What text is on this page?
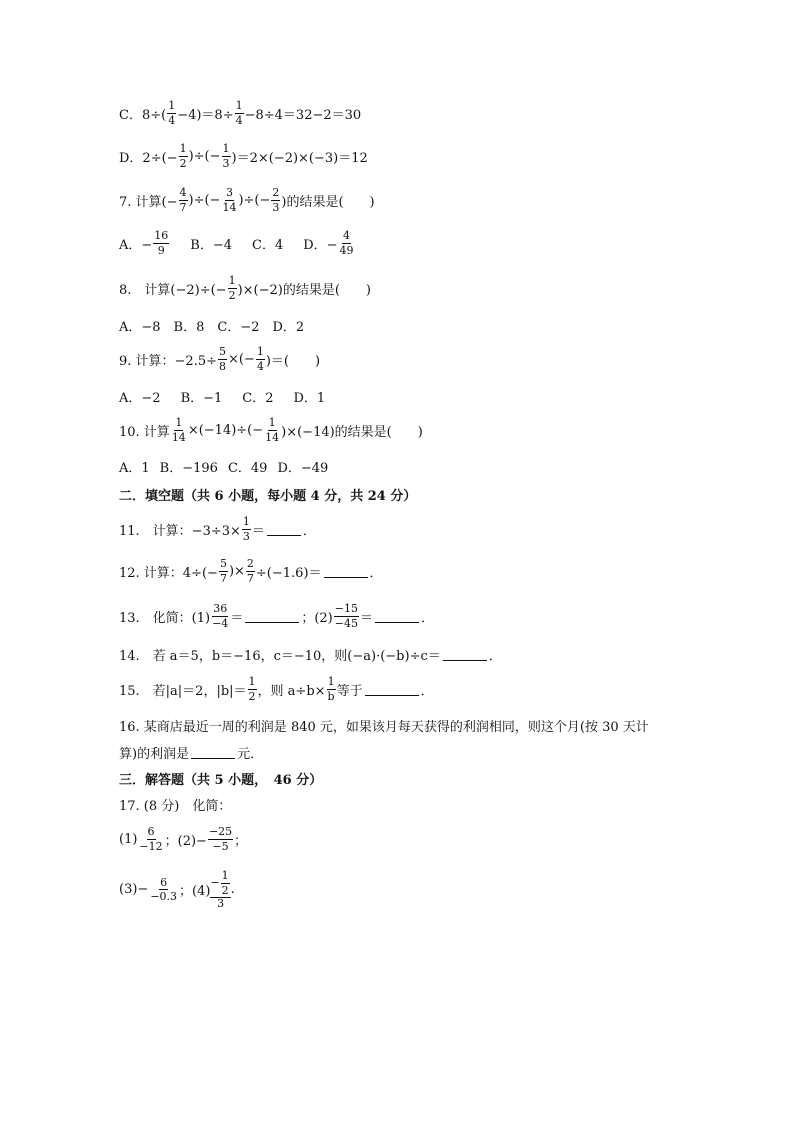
C．$8\div( \frac{1}{4} -4)=8\div \frac{1}{4} -8\div 4=32-2=30$
D．$2\div(- \frac{1}{2}$ )÷(− $\frac{1}{3} )=2\times(-2)\times(-3)=12$
7. 计算(− $\frac{4}{7}$ )÷(− $\frac{3}{14}$ )÷(− $\frac{2}{3}$ )的结果是(　　)
A．− $\frac{16}{9}$ B．−4 C．4 D．− $\frac{4}{49}$
8.　计算$(-2)\div(- \frac{1}{2} )\times(-2)$的结果是(　　)
A．−8　B．8　C．−2　D．2
9. 计算：$-2.5\div \frac{5}{8}$ ×(− $\frac{1}{4}$ )＝(　　)
A．−2 B．−1 C．2 D．1
10. 计算 $\frac{1}{14} \times(-14)\div(- \frac{1}{14} )\times(-14)$的结果是(　　)
A．1 B．−196 C．49 D．−49
二．填空题（共 6 小题，每小题 4 分，共 24 分）
11.　计算：$-3\div 3\times \frac{1}{3}$ ＝	．
12. 计算：$4\div(- \frac{5}{7}$ )× $\frac{2}{7} \div(-1.6)=$	．
13.　化简：$(1) \frac{36}{-4}$ ＝	；$(2) \frac{-15}{-45}$ ＝	．
14.　若 a＝5，b＝−16，c＝−10，则(−a)·(−b)÷c＝	．
15.　若|a|＝2，$|b|= \frac{1}{2}$ ，则 $a\div b\times \frac{1}{b}$ 等于	．
16. 某商店最近一周的利润是 840 元，如果该月每天获得的利润相同，则这个月(按 30 天计
算)的利润是	元．
三．解答题（共 5 小题，　46 分）
17. (8 分)　化简：
$(1) \frac{6}{-12}$ ；$(2)- \frac{-25}{-5}$ ；
$(3)- \frac{6}{-0.3}$ ；(4)
− $\frac{1}{2}$
3
.
